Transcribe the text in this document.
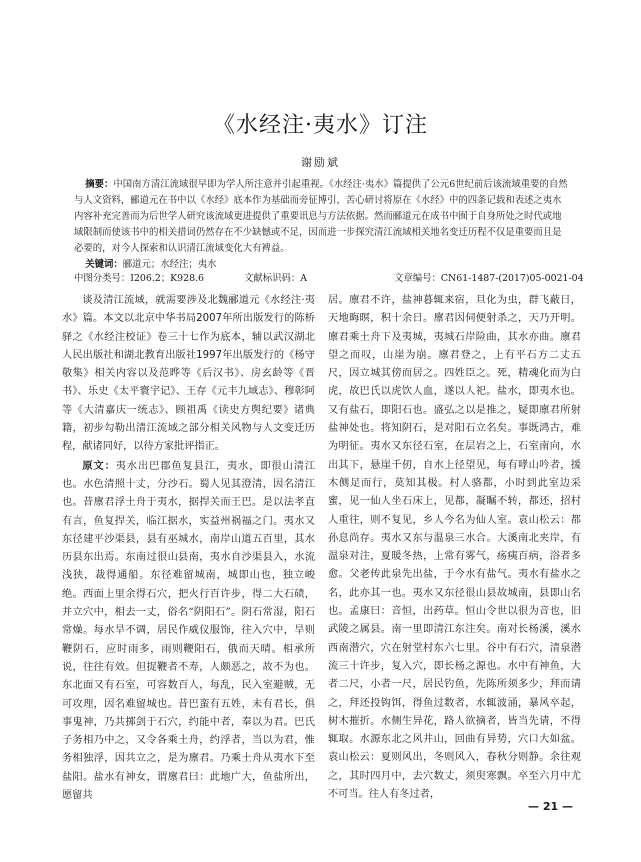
《水经注·夷水》订注
谢励斌

摘要：中国南方清江流域很早即为学人所注意并引起重视。《水经注·夷水》篇提供了公元6世纪前后该流域重要的自然与人文资料，郦道元在书中以《水经》底本作为基础而旁征博引，苦心研讨将原在《水经》中的四条记载和表述之夷水内容补充完善而为后世学人研究该流域更进提供了重要讯息与方法依据。然而郦道元在成书中囿于自身所处之时代或地域限制而使该书中的相关措词仍然存在不少缺憾或不足，因而进一步探究清江流域相关地名变迁历程不仅是重要而且是必要的，对今人探索和认识清江流域变化大有裨益。

关键词：郦道元；水经注；夷水

中图分类号：I206.2；K928.6	文献标识码：A	文章编号：CN61-1487-(2017)05-0021-04

谈及清江流域，就需要涉及北魏郦道元《水经注·夷水》篇。本文以北京中华书局2007年所出版发行的陈桥驿之《水经注校证》卷三十七作为底本，辅以武汉湖北人民出版社和湖北教育出版社1997年出版发行的《杨守敬集》相关内容以及范晔等《后汉书》、房玄龄等《晋书》、乐史《太平寰宇记》、王存《元丰九域志》、穆彰阿等《大清嘉庆一统志》、顾祖禹《读史方舆纪要》诸典籍，初步勾勒出清江流域之部分相关风物与人文变迁历程，献诸同好，以待方家批评指正。

原文：夷水出巴郡鱼复县江，夷水，即很山清江也。水色清照十丈，分沙石。蜀人见其澄清，因名清江也。昔廪君浮土舟于夷水，据捍关而王巴。是以法孝直有言，鱼复捍关，临江据水，实益州祸福之门。夷水又东径建平沙渠县，县有巫城水，南岸山道五百里，其水历县东出焉。东南过很山县南，夷水自沙渠县入，水流浅狭，裁得通船。东径难留城南，城即山也，独立峻绝。西面上里余得石穴，把火行百许步，得二大石碛，并立穴中，相去一丈，俗名“阴阳石”。阴石常湿，阳石常燥。每水旱不调，居民作威仪服饰，往入穴中，旱则鞭阴石，应时雨多，雨则鞭阳石，俄而天晴。相承所说，往往有效。但捉鞭者不寿，人颇恶之，故不为也。东北面又有石室，可容数百人，每乱，民入室避贼，无可攻理，因名难留城也。昔巴蛮有五姓，未有君长，俱事鬼神，乃共掷剑于石穴，约能中者，奉以为君。巴氏子务相乃中之，又令各乘土舟，约浮者，当以为君，惟务相独浮，因共立之，是为廪君。乃乘土舟从夷水下至盐阳。盐水有神女，谓廪君曰：此地广大，鱼盐所出，愿留共

居。廪君不许，盐神暮辄来宿，旦化为虫，群飞蔽日，天地晦暝，积十余日。廪君因伺便射杀之，天乃开明。廪君乘土舟下及夷城，夷城石岸险曲，其水亦曲。廪君望之而叹，山崖为崩。廪君登之，上有平石方二丈五尺，因立城其傍而居之。四姓臣之。死，精魂化而为白虎，故巴氏以虎饮人血，遂以人祀。盐水，即夷水也。又有盐石，即阳石也。盛弘之以是推之，疑即廪君所射盐神处也。将知阴石，是对阳石立名矣。事既鸿古，难为明征。夷水又东径石室，在层岩之上，石室南向，水出其下，悬崖千仞，自水上径望见，每有哮山吟者，援木侧足而行，莫知其极。村人骆都，小时到此室边采蜜，见一仙人坐石床上，见都，凝瞩不转，都还，招村人重往，则不复见，乡人今名为仙人室。袁山松云：都孙息尚存。夷水又东与温泉三水合。大溪南北夹岸，有温泉对注，夏暖冬热，上常有雾气，疡痍百病，浴者多愈。父老传此泉先出盐，于今水有盐气。夷水有盐水之名，此亦其一也。夷水又东径很山县故城南，县即山名也。孟康曰：音恒，出药草。恒山令世以很为音也，旧武陵之属县。南一里即清江东注矣。南对长杨溪，溪水西南潜穴，穴在射堂村东六七里。谷中有石穴，清泉潜流三十许步，复入穴，即长杨之源也。水中有神鱼，大者二尺，小者一尺，居民钓鱼，先陈所须多少，拜而请之，拜还投钩饵，得鱼过数者，水辄波涌，暴风卒起，树木摧折。水侧生异花，路人欲摘者，皆当先请，不得辄取。水源东北之风井山，回曲有异势，穴口大如盆。袁山松云：夏则风出，冬则风入，春秋分则静。余往观之，其时四月中，去穴数丈，须臾寒飘。卒至六月中尤不可当。往人有冬过者，

— 21 —
